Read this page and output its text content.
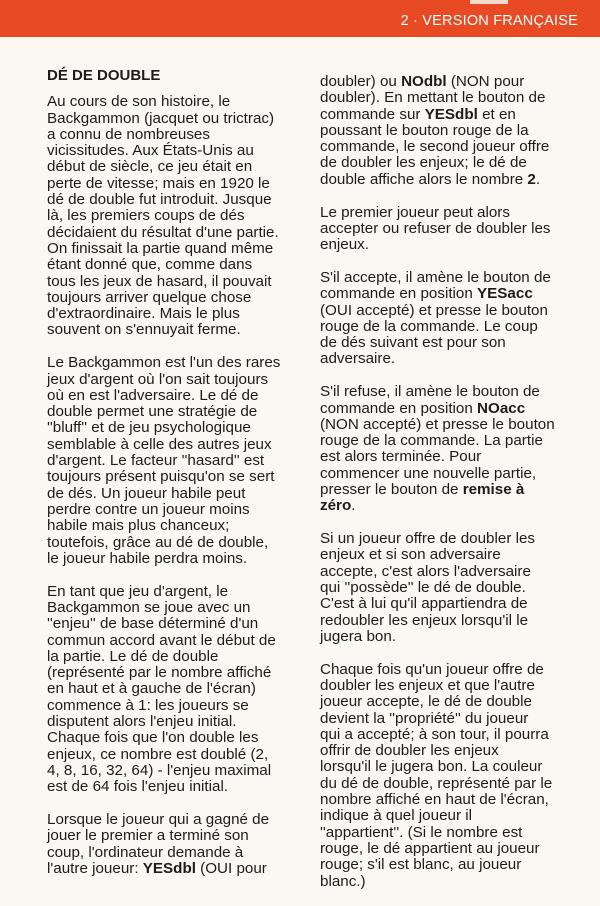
2 · VERSION FRANÇAISE
DÉ DE DOUBLE
Au cours de son histoire, le
Backgammon (jacquet ou trictrac)
a connu de nombreuses
vicissitudes. Aux États-Unis au
début de siècle, ce jeu était en
perte de vitesse; mais en 1920 le
dé de double fut introduit. Jusque
là, les premiers coups de dés
décidaient du résultat d'une partie.
On finissait la partie quand même
étant donné que, comme dans
tous les jeux de hasard, il pouvait
toujours arriver quelque chose
d'extraordinaire. Mais le plus
souvent on s'ennuyait ferme.
Le Backgammon est l'un des rares
jeux d'argent où l'on sait toujours
où en est l'adversaire. Le dé de
double permet une stratégie de
''bluff'' et de jeu psychologique
semblable à celle des autres jeux
d'argent. Le facteur ''hasard'' est
toujours présent puisqu'on se sert
de dés. Un joueur habile peut
perdre contre un joueur moins
habile mais plus chanceux;
toutefois, grâce au dé de double,
le joueur habile perdra moins.
En tant que jeu d'argent, le
Backgammon se joue avec un
''enjeu'' de base déterminé d'un
commun accord avant le début de
la partie. Le dé de double
(représenté par le nombre affiché
en haut et à gauche de l'écran)
commence à 1: les joueurs se
disputent alors l'enjeu initial.
Chaque fois que l'on double les
enjeux, ce nombre est doublé (2,
4, 8, 16, 32, 64) - l'enjeu maximal
est de 64 fois l'enjeu initial.
Lorsque le joueur qui a gagné de
jouer le premier a terminé son
coup, l'ordinateur demande à
l'autre joueur: YESdbl (OUI pour
doubler) ou NOdbl (NON pour
doubler). En mettant le bouton de
commande sur YESdbl et en
poussant le bouton rouge de la
commande, le second joueur offre
de doubler les enjeux; le dé de
double affiche alors le nombre 2.
Le premier joueur peut alors
accepter ou refuser de doubler les
enjeux.
S'il accepte, il amène le bouton de
commande en position YESacc
(OUI accepté) et presse le bouton
rouge de la commande. Le coup
de dés suivant est pour son
adversaire.
S'il refuse, il amène le bouton de
commande en position NOacc
(NON accepté) et presse le bouton
rouge de la commande. La partie
est alors terminée. Pour
commencer une nouvelle partie,
presser le bouton de remise à
zéro.
Si un joueur offre de doubler les
enjeux et si son adversaire
accepte, c'est alors l'adversaire
qui ''possède'' le dé de double.
C'est à lui qu'il appartiendra de
redoubler les enjeux lorsqu'il le
jugera bon.
Chaque fois qu'un joueur offre de
doubler les enjeux et que l'autre
joueur accepte, le dé de double
devient la ''propriété'' du joueur
qui a accepté; à son tour, il pourra
offrir de doubler les enjeux
lorsqu'il le jugera bon. La couleur
du dé de double, représenté par le
nombre affiché en haut de l'écran,
indique à quel joueur il
''appartient''. (Si le nombre est
rouge, le dé appartient au joueur
rouge; s'il est blanc, au joueur
blanc.)
